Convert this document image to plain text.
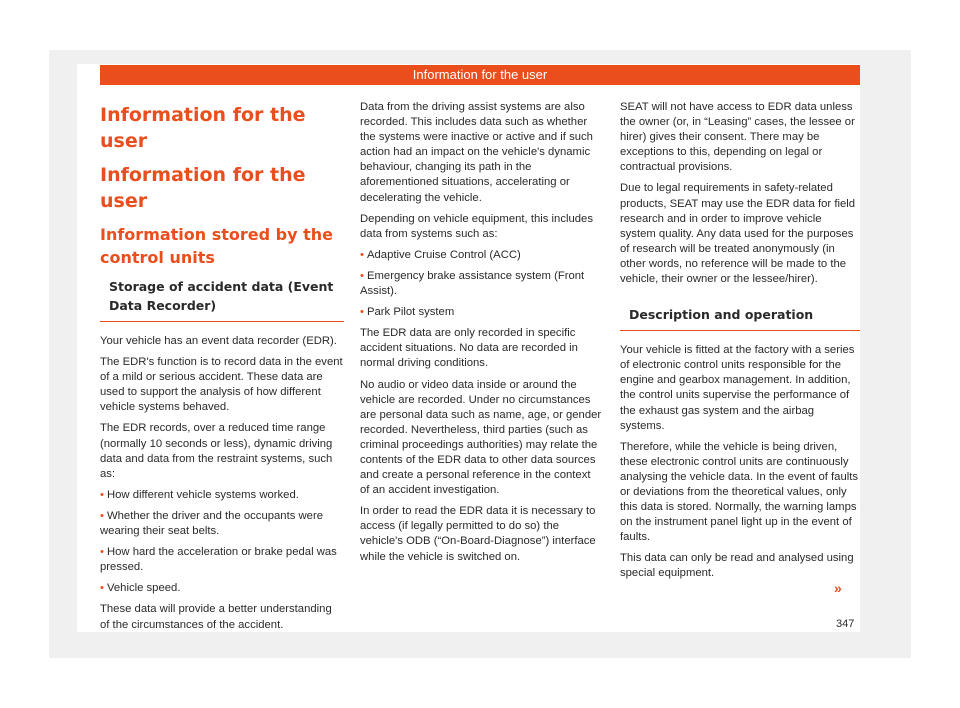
Information for the user
Information for the user
Information for the user
Information stored by the control units
Storage of accident data (Event Data Recorder)

Your vehicle has an event data recorder (EDR).

The EDR's function is to record data in the event of a mild or serious accident. These data are used to support the analysis of how different vehicle systems behaved.

The EDR records, over a reduced time range (normally 10 seconds or less), dynamic driving data and data from the restraint systems, such as:

• How different vehicle systems worked.
• Whether the driver and the occupants were wearing their seat belts.
• How hard the acceleration or brake pedal was pressed.
• Vehicle speed.

These data will provide a better understanding of the circumstances of the accident.

Data from the driving assist systems are also recorded. This includes data such as whether the systems were inactive or active and if such action had an impact on the vehicle's dynamic behaviour, changing its path in the aforementioned situations, accelerating or decelerating the vehicle.

Depending on vehicle equipment, this includes data from systems such as:

• Adaptive Cruise Control (ACC)
• Emergency brake assistance system (Front Assist).
• Park Pilot system

The EDR data are only recorded in specific accident situations. No data are recorded in normal driving conditions.

No audio or video data inside or around the vehicle are recorded. Under no circumstances are personal data such as name, age, or gender recorded. Nevertheless, third parties (such as criminal proceedings authorities) may relate the contents of the EDR data to other data sources and create a personal reference in the context of an accident investigation.

In order to read the EDR data it is necessary to access (if legally permitted to do so) the vehicle's ODB (“On-Board-Diagnose”) interface while the vehicle is switched on.

SEAT will not have access to EDR data unless the owner (or, in “Leasing” cases, the lessee or hirer) gives their consent. There may be exceptions to this, depending on legal or contractual provisions.

Due to legal requirements in safety-related products, SEAT may use the EDR data for field research and in order to improve vehicle system quality. Any data used for the purposes of research will be treated anonymously (in other words, no reference will be made to the vehicle, their owner or the lessee/hirer).

Description and operation

Your vehicle is fitted at the factory with a series of electronic control units responsible for the engine and gearbox management. In addition, the control units supervise the performance of the exhaust gas system and the airbag systems.

Therefore, while the vehicle is being driven, these electronic control units are continuously analysing the vehicle data. In the event of faults or deviations from the theoretical values, only this data is stored. Normally, the warning lamps on the instrument panel light up in the event of faults.

This data can only be read and analysed using special equipment.

»
347
